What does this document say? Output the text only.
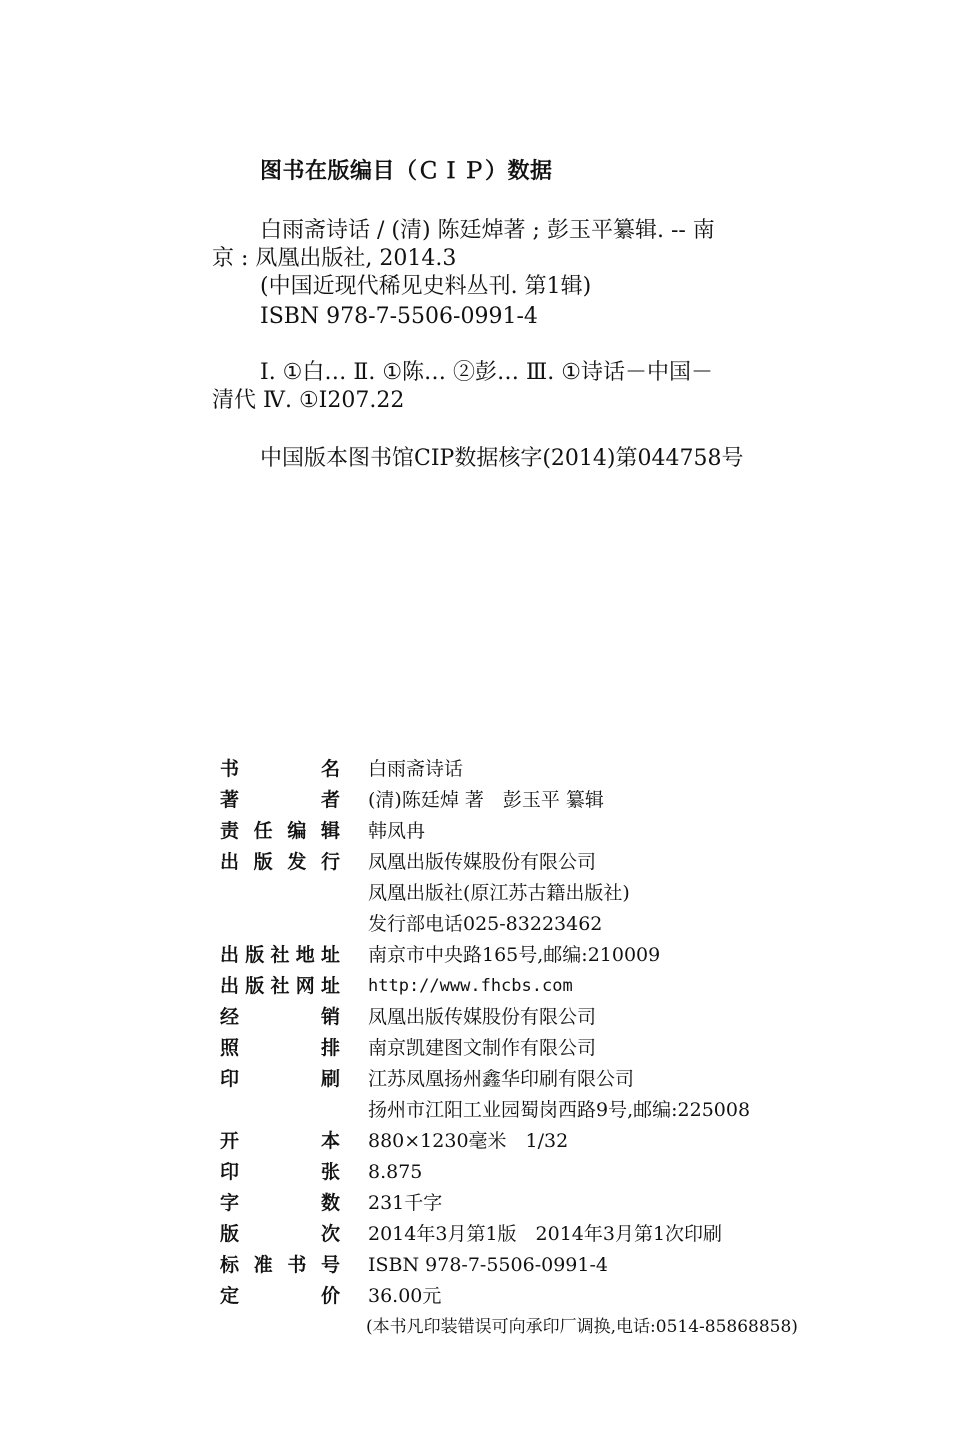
图书在版编目（ＣＩＰ）数据
白雨斋诗话 / (清) 陈廷焯著 ; 彭玉平纂辑. -- 南
京 : 凤凰出版社, 2014.3
(中国近现代稀见史料丛刊. 第1辑)
ISBN 978-7-5506-0991-4
Ⅰ. ①白… Ⅱ. ①陈… ②彭… Ⅲ. ①诗话－中国－
清代 Ⅳ. ①I207.22
中国版本图书馆CIP数据核字(2014)第044758号
书	名 白雨斋诗话
著	者 (清)陈廷焯 著　彭玉平 纂辑
责 任 编 辑 韩凤冉
出 版 发 行 凤凰出版传媒股份有限公司
凤凰出版社(原江苏古籍出版社)
发行部电话025-83223462
出 版 社 地 址 南京市中央路165号,邮编:210009
出 版 社 网 址 http://www.fhcbs.com
经	销 凤凰出版传媒股份有限公司
照	排 南京凯建图文制作有限公司
印	刷 江苏凤凰扬州鑫华印刷有限公司
扬州市江阳工业园蜀岗西路9号,邮编:225008
开	本 880×1230毫米　1/32
印	张 8.875
字	数 231千字
版	次 2014年3月第1版　2014年3月第1次印刷
标 准 书 号 ISBN 978-7-5506-0991-4
定	价 36.00元
(本书凡印装错误可向承印厂调换,电话:0514-85868858)
